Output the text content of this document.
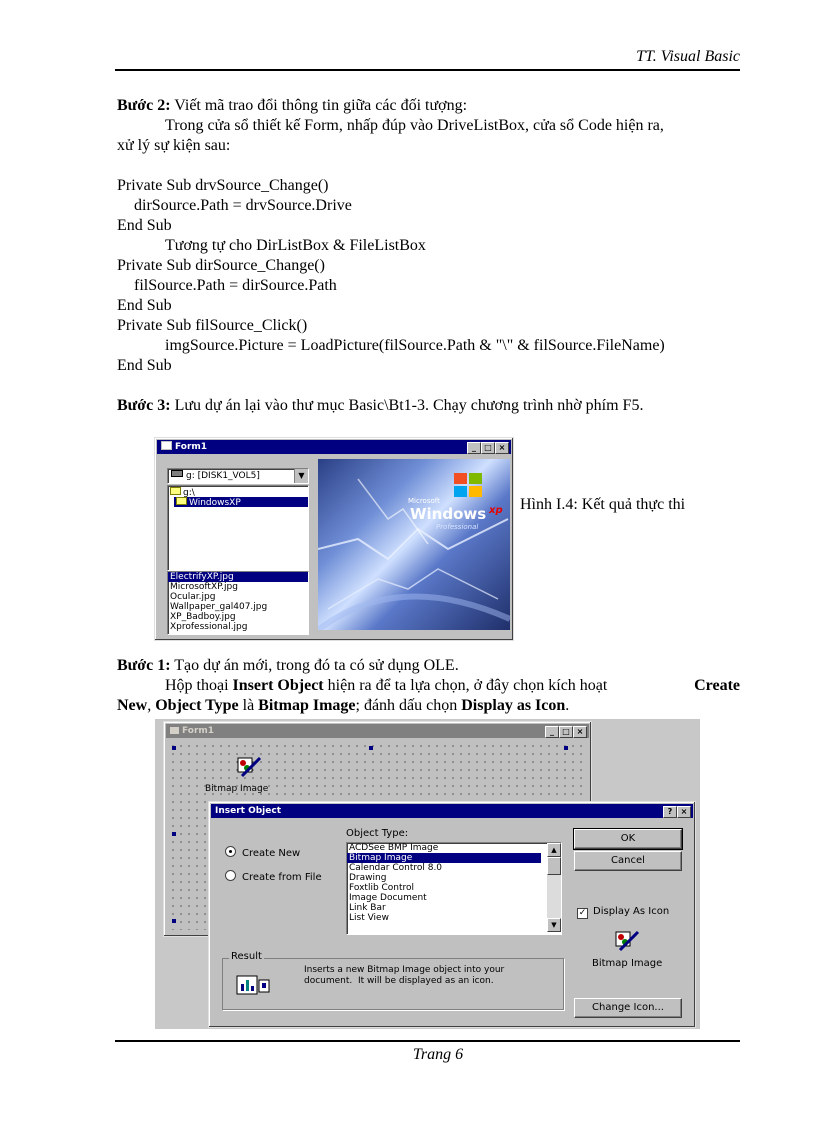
TT. Visual Basic
Bước 2: Viết mã trao đổi thông tin giữa các đối tượng:
Trong cửa sổ thiết kế Form, nhấp đúp vào DriveListBox, cửa sổ Code hiện ra,
xử lý sự kiện sau:
Private Sub drvSource_Change()
dirSource.Path = drvSource.Drive
End Sub
Tương tự cho DirListBox & FileListBox
Private Sub dirSource_Change()
filSource.Path = dirSource.Path
End Sub
Private Sub filSource_Click()
imgSource.Picture = LoadPicture(filSource.Path & "\" & filSource.FileName)
End Sub
Bước 3: Lưu dự án lại vào thư mục Basic\Bt1-3. Chạy chương trình nhờ phím F5.
Form1	_	□ ×
g: [DISK1_VOL5]	▼
g:\
WindowsXP
ElectrifyXP.jpg
MicrosoftXP.jpg
Ocular.jpg
Wallpaper_gal407.jpg
XP_Badboy.jpg
Xprofessional.jpg
Microsoft
Windows xp
Professional
Hình I.4: Kết quả thực thi
Bước 1: Tạo dự án mới, trong đó ta có sử dụng OLE.
Hộp thoại Insert Object hiện ra để ta lựa chọn, ở đây chọn kích hoạt	Create
New, Object Type là Bitmap Image; đánh dấu chọn Display as Icon.
Form1	_	□ ×
Bitmap Image
Insert Object	?	×
Create New
Create from File
Object Type:
ACDSee BMP Image
Bitmap Image
Calendar Control 8.0
Drawing
Foxtlib Control
Image Document
Link Bar
List View
▲
▼
OK
Cancel
✓ Display As Icon
Bitmap Image
Result
Inserts a new Bitmap Image object into your
document.  It will be displayed as an icon.
Change Icon...
Trang 6
